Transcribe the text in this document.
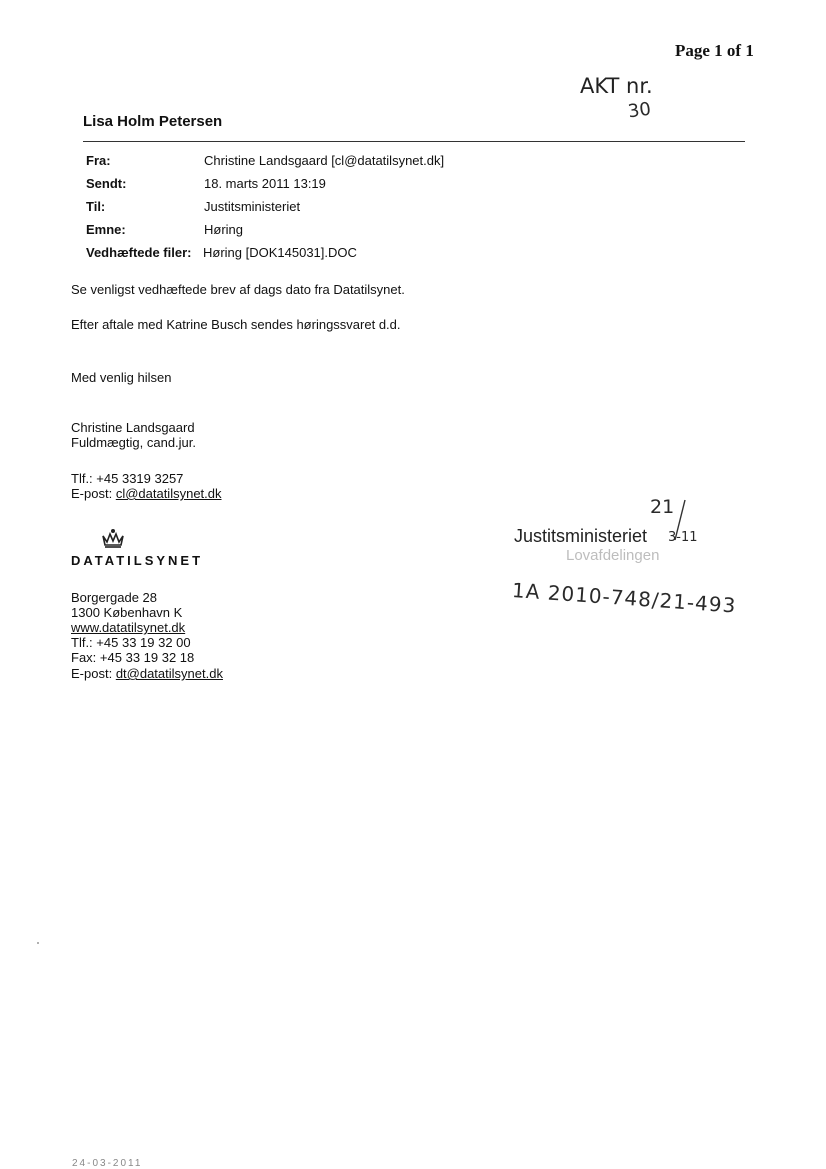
Page 1 of 1
AKT nr.
30
Lisa Holm Petersen
Fra:	Christine Landsgaard [cl@datatilsynet.dk]
Sendt:	18. marts 2011 13:19
Til:	Justitsministeriet
Emne:	Høring
Vedhæftede filer: Høring [DOK145031].DOC
Se venligst vedhæftede brev af dags dato fra Datatilsynet.
Efter aftale med Katrine Busch sendes høringssvaret d.d.
Med venlig hilsen
Christine Landsgaard
Fuldmægtig, cand.jur.
Tlf.: +45 3319 3257
E-post: cl@datatilsynet.dk
DATATILSYNET
Borgergade 28
1300 København K
www.datatilsynet.dk
Tlf.: +45 33 19 32 00
Fax: +45 33 19 32 18
E-post: dt@datatilsynet.dk
Justitsministeriet
Lovafdelingen
21
3-11
1A 2010-748/21-493
24-03-2011
